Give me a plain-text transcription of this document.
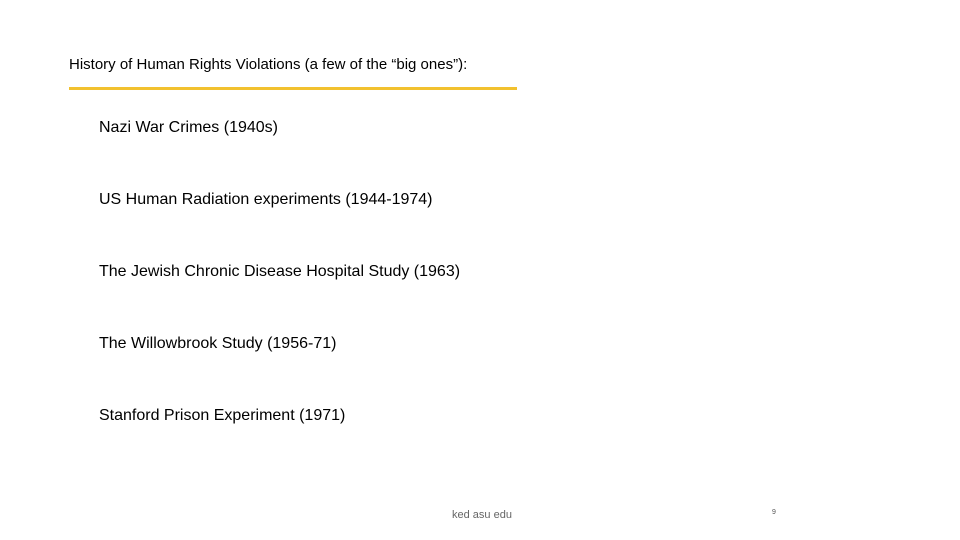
History of Human Rights Violations (a few of the “big ones”):
Nazi War Crimes (1940s)
US Human Radiation experiments (1944-1974)
The Jewish Chronic Disease Hospital Study (1963)
The Willowbrook Study (1956-71)
Stanford Prison Experiment (1971)
ked asu edu	9
